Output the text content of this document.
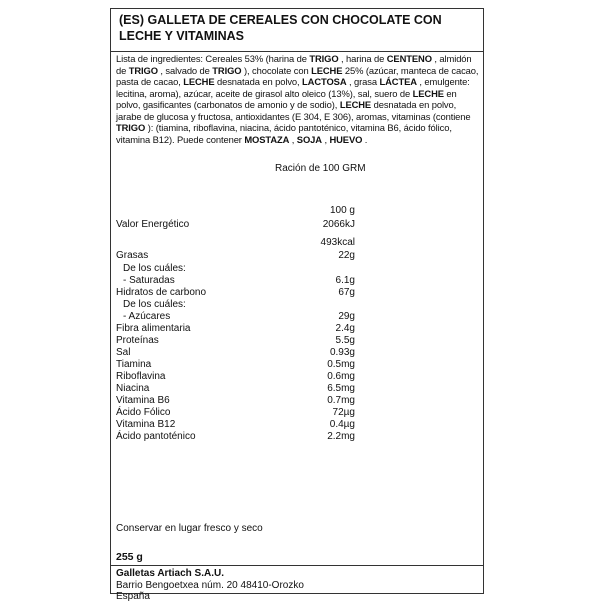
(ES) GALLETA DE CEREALES CON CHOCOLATE CON LECHE Y VITAMINAS
Lista de ingredientes: Cereales 53% (harina de TRIGO , harina de CENTENO , almidón de TRIGO , salvado de TRIGO ), chocolate con LECHE 25% (azúcar, manteca de cacao, pasta de cacao, LECHE desnatada en polvo, LACTOSA , grasa LÁCTEA , emulgente: lecitina, aroma), azúcar, aceite de girasol alto oleico (13%), sal, suero de LECHE en polvo, gasificantes (carbonatos de amonio y de sodio), LECHE desnatada en polvo, jarabe de glucosa y fructosa, antioxidantes (E 304, E 306), aromas, vitaminas (contiene TRIGO ): (tiamina, riboflavina, niacina, ácido pantoténico, vitamina B6, ácido fólico, vitamina B12). Puede contener MOSTAZA , SOJA , HUEVO .
Ración de 100 GRM
100 g
Valor Energético	2066kJ
493kcal
Grasas	22g
De los cuáles:
- Saturadas	6.1g
Hidratos de carbono	67g
De los cuáles:
- Azúcares	29g
Fibra alimentaria	2.4g
Proteínas	5.5g
Sal	0.93g
Tiamina	0.5mg
Riboflavina	0.6mg
Niacina	6.5mg
Vitamina B6	0.7mg
Ácido Fólico	72µg
Vitamina B12	0.4µg
Ácido pantoténico	2.2mg
Conservar en lugar fresco y seco
255 g
Galletas Artiach S.A.U.
Barrio Bengoetxea núm. 20 48410-Orozko
España
